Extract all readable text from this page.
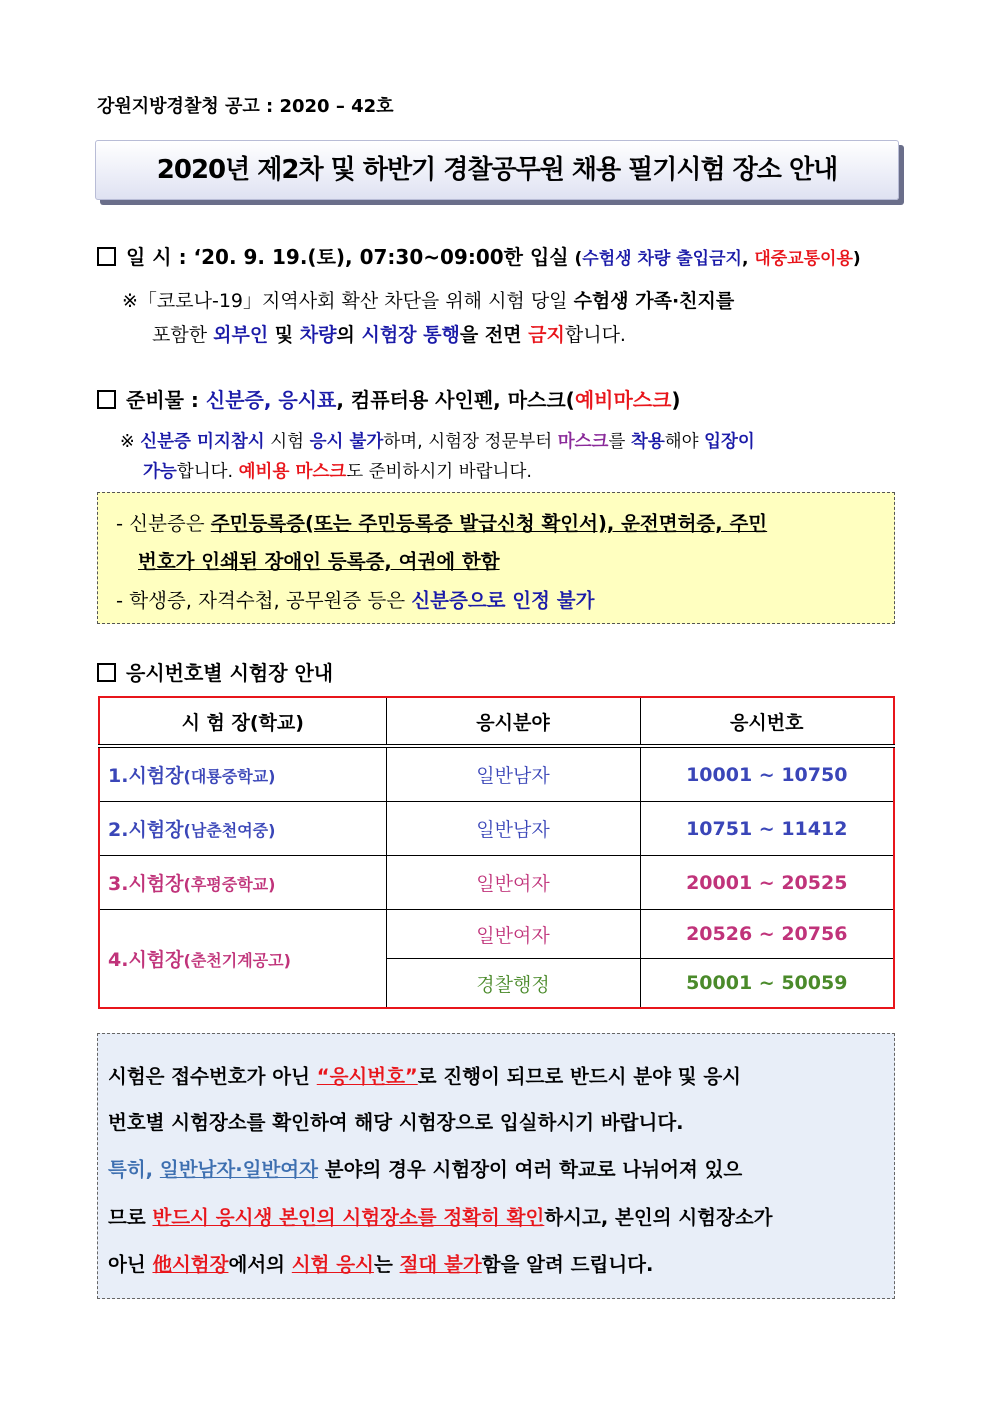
강원지방경찰청 공고 : 2020 – 42호
2020년 제2차 및 하반기 경찰공무원 채용 필기시험 장소 안내
일 시 : ‘20. 9. 19.(토), 07:30~09:00한 입실 (수험생 차량 출입금지, 대중교통이용)
※「코로나-19」지역사회 확산 차단을 위해 시험 당일 수험생 가족·친지를
포함한 외부인 및 차량의 시험장 통행을 전면 금지합니다.
준비물 : 신분증, 응시표, 컴퓨터용 사인펜, 마스크(예비마스크)
※ 신분증 미지참시 시험 응시 불가하며, 시험장 정문부터 마스크를 착용해야 입장이
가능합니다. 예비용 마스크도 준비하시기 바랍니다.
- 신분증은 주민등록증(또는 주민등록증 발급신청 확인서), 운전면허증, 주민
번호가 인쇄된 장애인 등록증, 여권에 한함
- 학생증, 자격수첩, 공무원증 등은 신분증으로 인정 불가
응시번호별 시험장 안내
시 험 장(학교)	응시분야	응시번호
1.시험장(대룡중학교)	일반남자	10001 ~ 10750
2.시험장(남춘천여중)	일반남자	10751 ~ 11412
3.시험장(후평중학교)	일반여자	20001 ~ 20525
4.시험장(춘천기계공고)	일반여자	20526 ~ 20756
	경찰행정	50001 ~ 50059
시험은 접수번호가 아닌 “응시번호”로 진행이 되므로 반드시 분야 및 응시
번호별 시험장소를 확인하여 해당 시험장으로 입실하시기 바랍니다.
특히, 일반남자·일반여자 분야의 경우 시험장이 여러 학교로 나뉘어져 있으
므로 반드시 응시생 본인의 시험장소를 정확히 확인하시고, 본인의 시험장소가
아닌 他시험장에서의 시험 응시는 절대 불가함을 알려 드립니다.
